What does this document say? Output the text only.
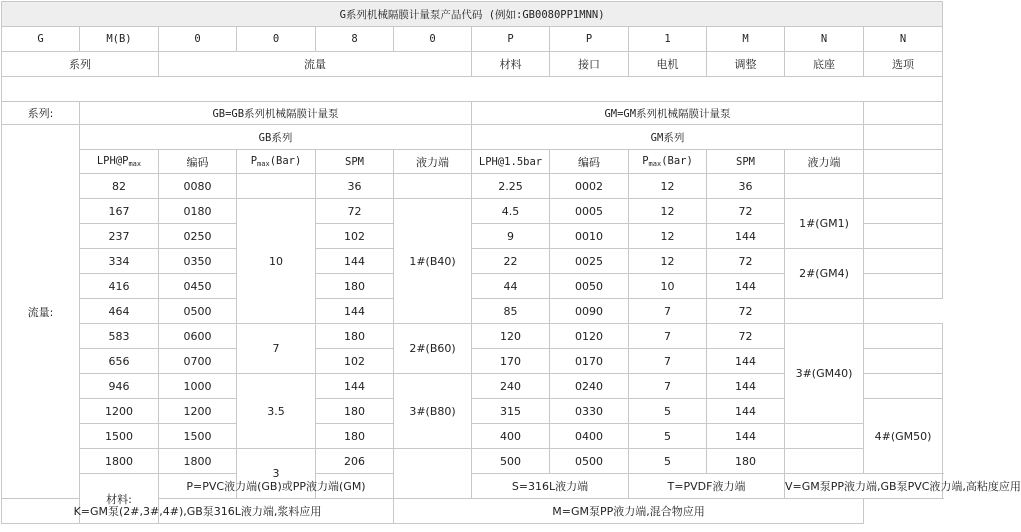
G系列机械隔膜计量泵产品代码 (例如:GB0080PP1MNN)												
G	M(B)	0	0	8	0	P	P	1	M	N	N	
系列		流量				材料	接口	电机	调整	底座	选项	

系列:	GB=GB系列机械隔膜计量泵					GM=GM系列机械隔膜计量泵						
流量:	GB系列					GM系列						
	$LPH@P_{max}$	编码	$P_{max}(Bar)$	SPM	液力端	LPH@1.5bar	编码	$P_{max}(Bar)$	SPM	液力端		
	82	0080		36		2.25	0002	12	36			
	167	0180	10	72	1#(B40)	4.5	0005	12	72	1#(GM1)		
	237	0250		102		9	0010	12	144			
	334	0350		144		22	0025	12	72	2#(GM4)		
	416	0450		180		44	0050	10	144			
	464	0500		144		85	0090	7	72			
	583	0600	7	180	2#(B60)	120	0120	7	72	3#(GM40)		
	656	0700		102		170	0170	7	144			
	946	1000	3.5	144	3#(B80)	240	0240	7	144			
	1200	1200		180		315	0330	5	144		4#(GM50)	
	1500	1500		180		400	0400	5	144			
	1800	1800	3	206		500	0500	5	180			
	材料:	P=PVC液力端(GB)或PP液力端(GM)				S=316L液力端		T=PVDF液力端		V=GM泵PP液力端,GB泵PVC液力端,高粘度应用		
K=GM泵(2#,3#,4#),GB泵316L液力端,浆料应用					M=GM泵PP液力端,混合物应用							
